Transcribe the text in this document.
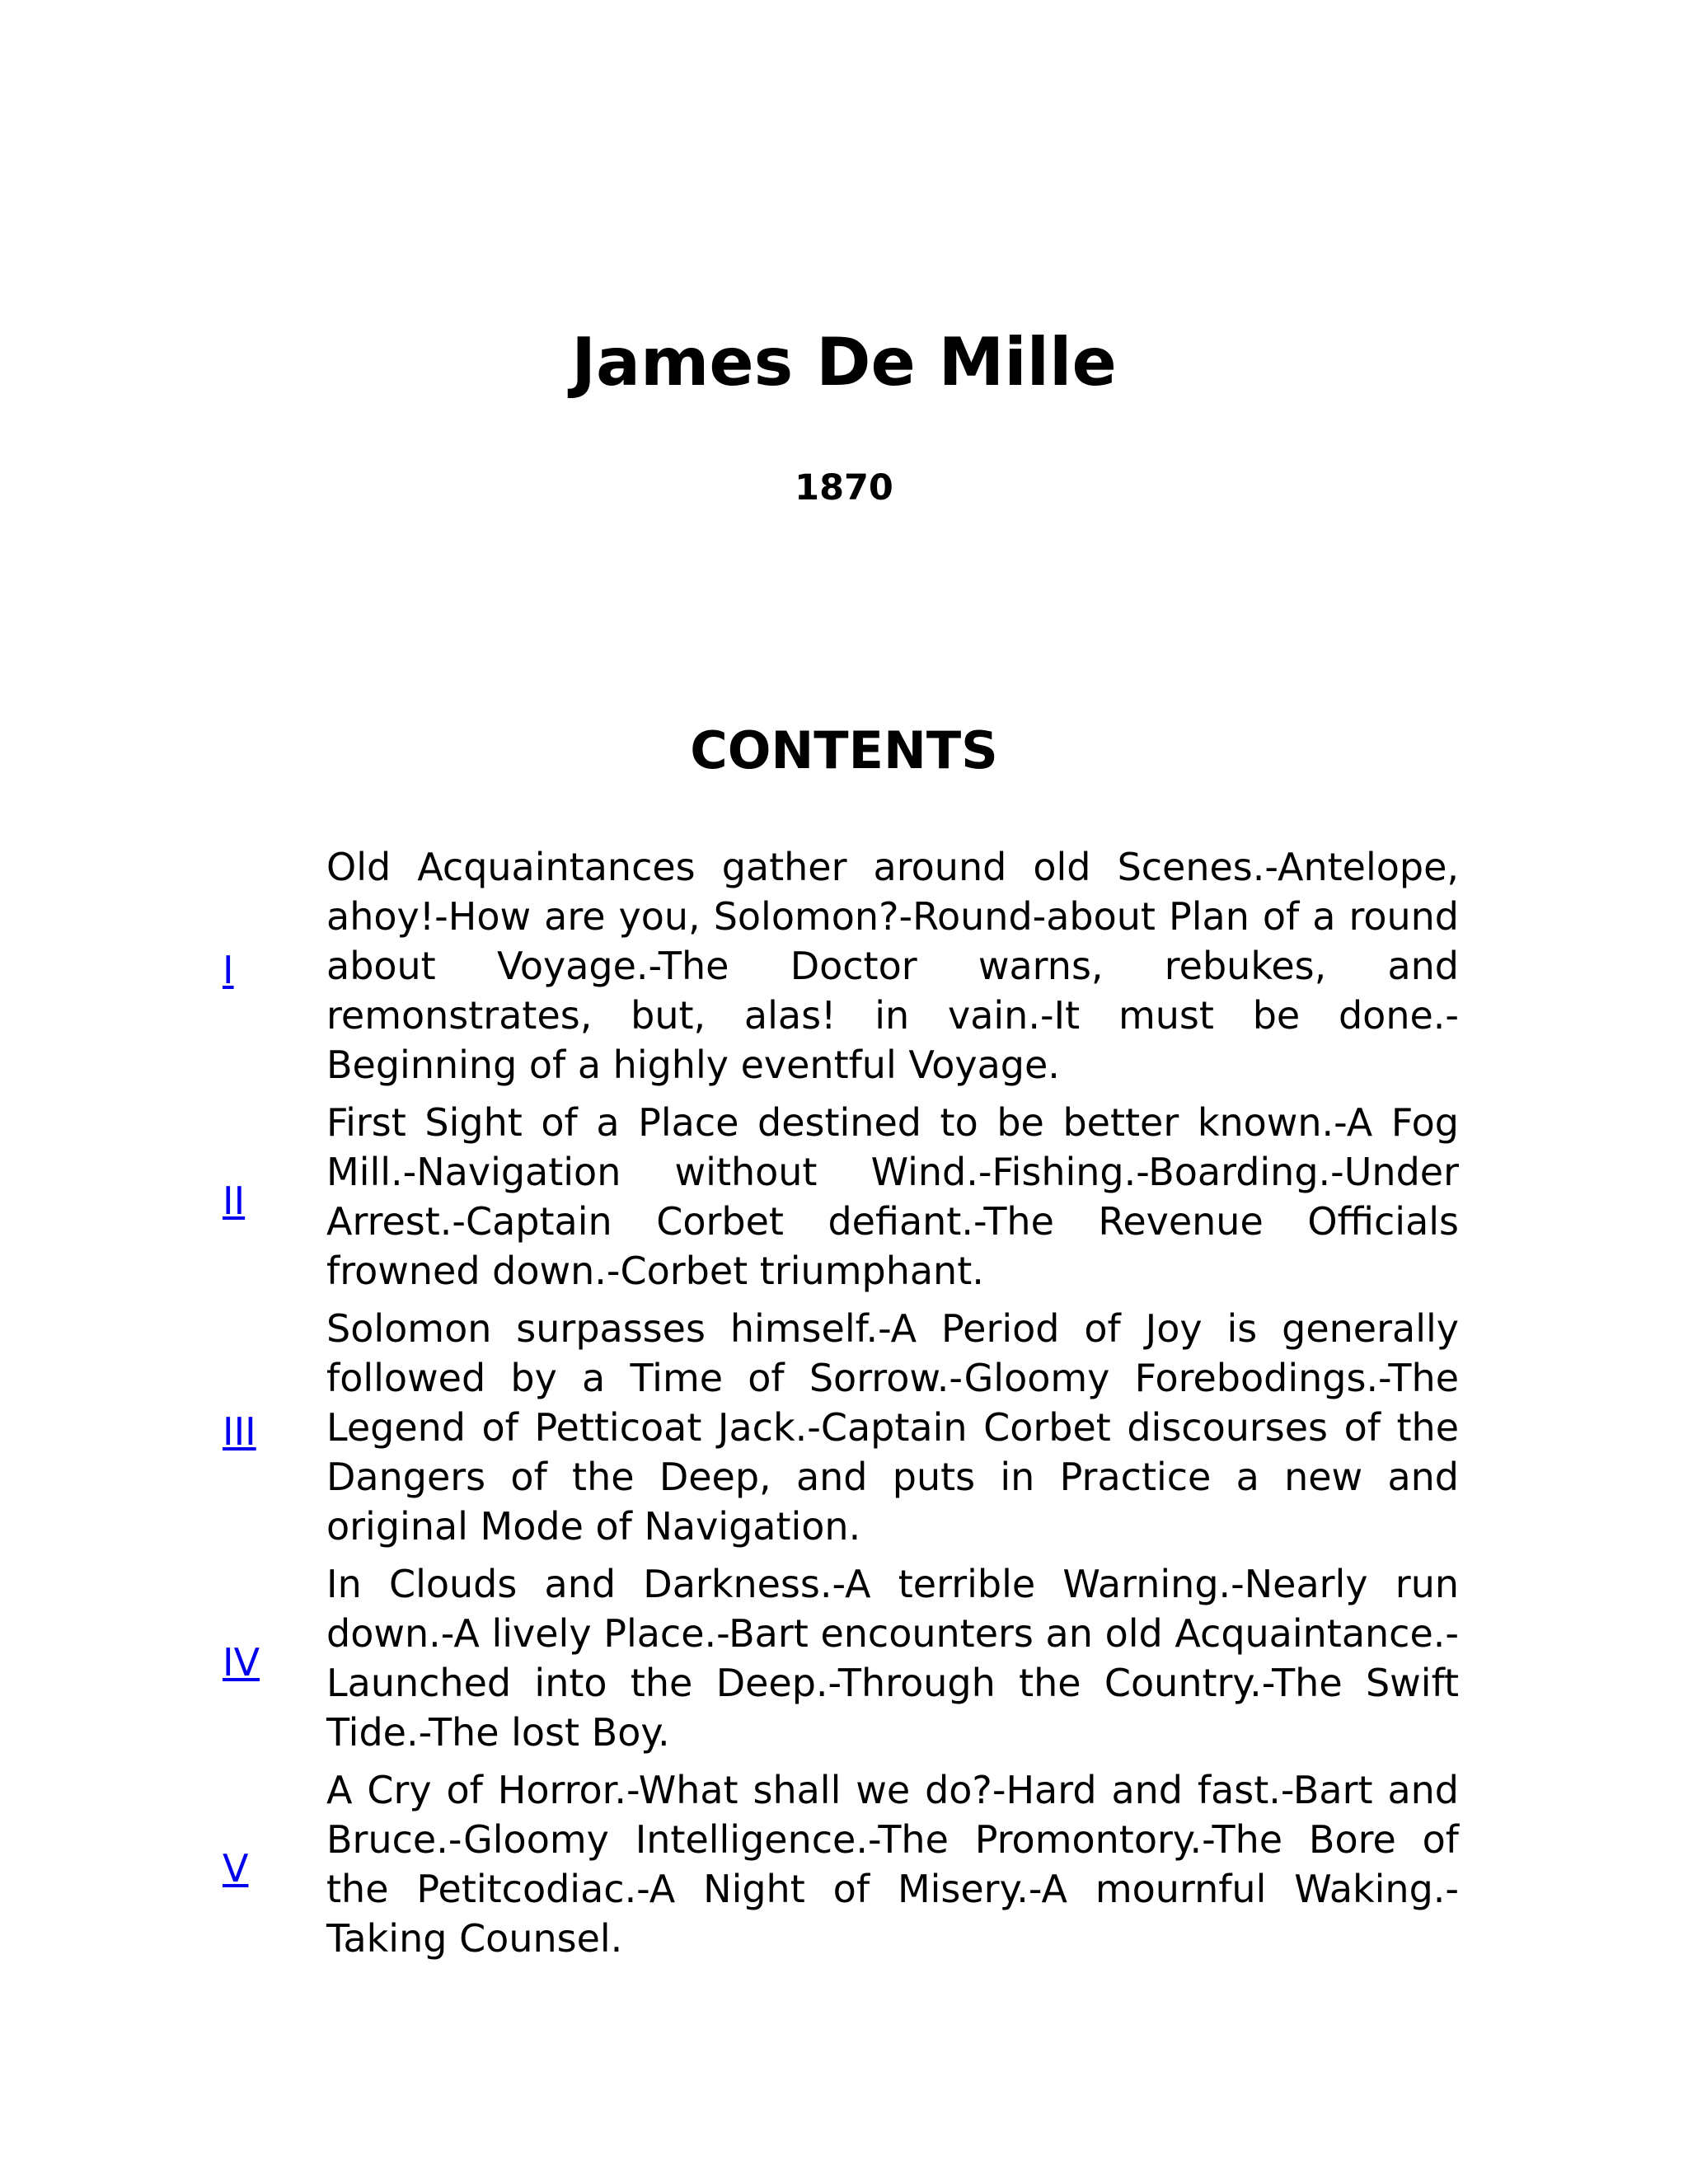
James De Mille
1870
CONTENTS
I	Old Acquaintances gather around old Scenes.-Antelope, ahoy!-How are you, Solomon?-Round-about Plan of a round about Voyage.-The Doctor warns, rebukes, and remonstrates, but, alas! in vain.-It must be done.-Beginning of a highly eventful Voyage.
II	First Sight of a Place destined to be better known.-A Fog Mill.-Navigation without Wind.-Fishing.-Boarding.-Under Arrest.-Captain Corbet defiant.-The Revenue Officials frowned down.-Corbet triumphant.
III	Solomon surpasses himself.-A Period of Joy is generally followed by a Time of Sorrow.-Gloomy Forebodings.-The Legend of Petticoat Jack.-Captain Corbet discourses of the Dangers of the Deep, and puts in Practice a new and original Mode of Navigation.
IV	In Clouds and Darkness.-A terrible Warning.-Nearly run down.-A lively Place.-Bart encounters an old Acquaintance.-Launched into the Deep.-Through the Country.-The Swift Tide.-The lost Boy.
V	A Cry of Horror.-What shall we do?-Hard and fast.-Bart and Bruce.-Gloomy Intelligence.-The Promontory.-The Bore of the Petitcodiac.-A Night of Misery.-A mournful Waking.-Taking Counsel.
